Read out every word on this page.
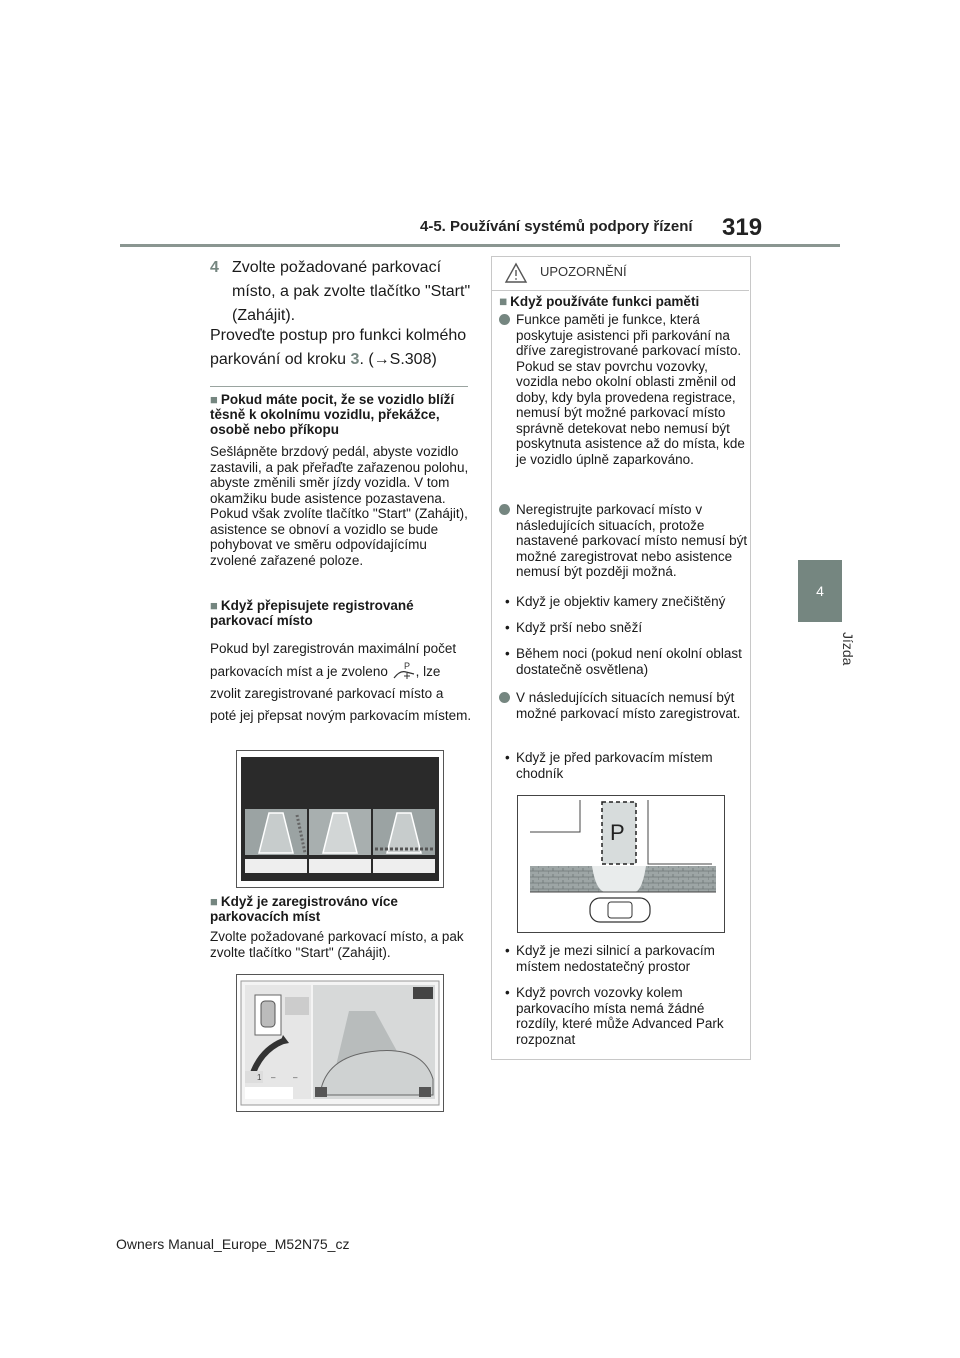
4-5. Používání systémů podpory řízení 319
4
Jízda
4 Zvolte požadované parkovací místo, a pak zvolte tlačítko "Start" (Zahájit).
Proveďte postup pro funkci kolmého parkování od kroku 3. (→S.308)
■ Pokud máte pocit, že se vozidlo blíží těsně k okolnímu vozidlu, překážce, osobě nebo příkopu
Sešlápněte brzdový pedál, abyste vozidlo zastavili, a pak přeřaďte zařazenou polohu, abyste změnili směr jízdy vozidla. V tom okamžiku bude asistence pozastavena. Pokud však zvolíte tlačítko "Start" (Zahájit), asistence se obnoví a vozidlo se bude pohybovat ve směru odpovídajícímu zvolené zařazené poloze.
■ Když přepisujete registrované parkovací místo
Pokud byl zaregistrován maximální počet parkovacích míst a je zvoleno P , lze zvolit zaregistrované parkovací místo a poté jej přepsat novým parkovacím místem.
■ Když je zaregistrováno více parkovacích míst
Zvolte požadované parkovací místo, a pak zvolte tlačítko "Start" (Zahájit).
1 – –
UPOZORNĚNÍ
■ Když používáte funkci paměti
Funkce paměti je funkce, která poskytuje asistenci při parkování na dříve zaregistrované parkovací místo. Pokud se stav povrchu vozovky, vozidla nebo okolní oblasti změnil od doby, kdy byla provedena registrace, nemusí být možné parkovací místo správně detekovat nebo nemusí být poskytnuta asistence až do místa, kde je vozidlo úplně zaparkováno.
Neregistrujte parkovací místo v následujících situacích, protože nastavené parkovací místo nemusí být možné zaregistrovat nebo asistence nemusí být později možná.
• Když je objektiv kamery znečištěný
• Když prší nebo sněží
• Během noci (pokud není okolní oblast dostatečně osvětlena)
V následujících situacích nemusí být možné parkovací místo zaregistrovat.
• Když je před parkovacím místem chodník
P
• Když je mezi silnicí a parkovacím místem nedostatečný prostor
• Když povrch vozovky kolem parkovacího místa nemá žádné rozdíly, které může Advanced Park rozpoznat
Owners Manual_Europe_M52N75_cz
